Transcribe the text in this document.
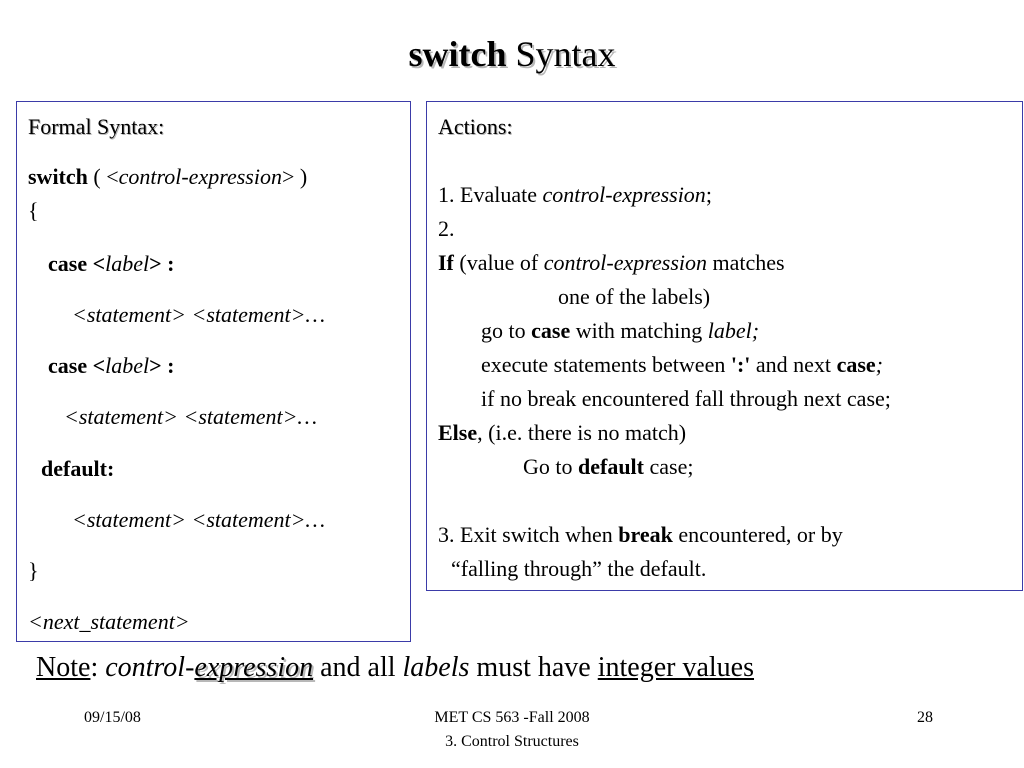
switch Syntax
Formal Syntax:
switch ( <control-expression> )
{
case <label> :
<statement> <statement>…
case <label> :
<statement> <statement>…
default:
<statement> <statement>…
}
<next_statement>
Actions:
1. Evaluate control-expression;
2.
If (value of control-expression matches
one of the labels)
go to case with matching label;
execute statements between ':' and next case;
if no break encountered fall through next case;
Else, (i.e. there is no match)
Go to default case;
3. Exit switch when break encountered, or by
“falling through” the default.
Note: control-expression and all labels must have integer values
09/15/08	MET CS 563 -Fall 2008
3. Control Structures
28
